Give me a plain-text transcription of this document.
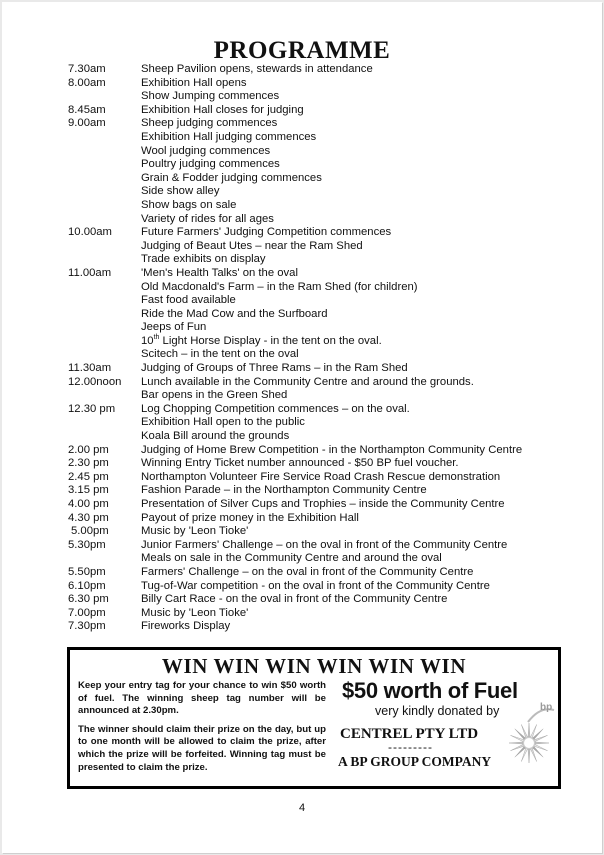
PROGRAMME
7.30am	Sheep Pavilion opens, stewards in attendance
8.00am	Exhibition Hall opens
Show Jumping commences
8.45am	Exhibition Hall closes for judging
9.00am	Sheep judging commences
Exhibition Hall judging commences
Wool judging commences
Poultry judging commences
Grain & Fodder judging commences
Side show alley
Show bags on sale
Variety of rides for all ages
10.00am	Future Farmers' Judging Competition commences
Judging of Beaut Utes – near the Ram Shed
Trade exhibits on display
11.00am	'Men's Health Talks' on the oval
Old Macdonald's Farm – in the Ram Shed (for children)
Fast food available
Ride the Mad Cow and the Surfboard
Jeeps of Fun
10th Light Horse Display - in the tent on the oval.
Scitech – in the tent on the oval
11.30am	Judging of Groups of Three Rams – in the Ram Shed
12.00noon	Lunch available in the Community Centre and around the grounds.
Bar opens in the Green Shed
12.30 pm	Log Chopping Competition commences – on the oval.
Exhibition Hall open to the public
Koala Bill around the grounds
2.00 pm	Judging of Home Brew Competition - in the Northampton Community Centre
2.30 pm	Winning Entry Ticket number announced - $50 BP fuel voucher.
2.45 pm	Northampton Volunteer Fire Service Road Crash Rescue demonstration
3.15 pm	Fashion Parade – in the Northampton Community Centre
4.00 pm	Presentation of Silver Cups and Trophies – inside the Community Centre
4.30 pm	Payout of prize money in the Exhibition Hall
5.00pm	Music by 'Leon Tioke'
5.30pm	Junior Farmers' Challenge – on the oval in front of the Community Centre
Meals on sale in the Community Centre and around the oval
5.50pm	Farmers' Challenge – on the oval in front of the Community Centre
6.10pm	Tug-of-War competition - on the oval in front of the Community Centre
6.30 pm	Billy Cart Race - on the oval in front of the Community Centre
7.00pm	Music by 'Leon Tioke'
7.30pm	Fireworks Display
WIN WIN WIN WIN WIN WIN

Keep your entry tag for your chance to win $50 worth of fuel. The winning sheep tag number will be announced at 2.30pm.

The winner should claim their prize on the day, but up to one month will be allowed to claim the prize, after which the prize will be forfeited. Winning tag must be presented to claim the prize.

$50 worth of Fuel
very kindly donated by	bp
CENTREL PTY LTD
---------
A BP GROUP COMPANY
4
